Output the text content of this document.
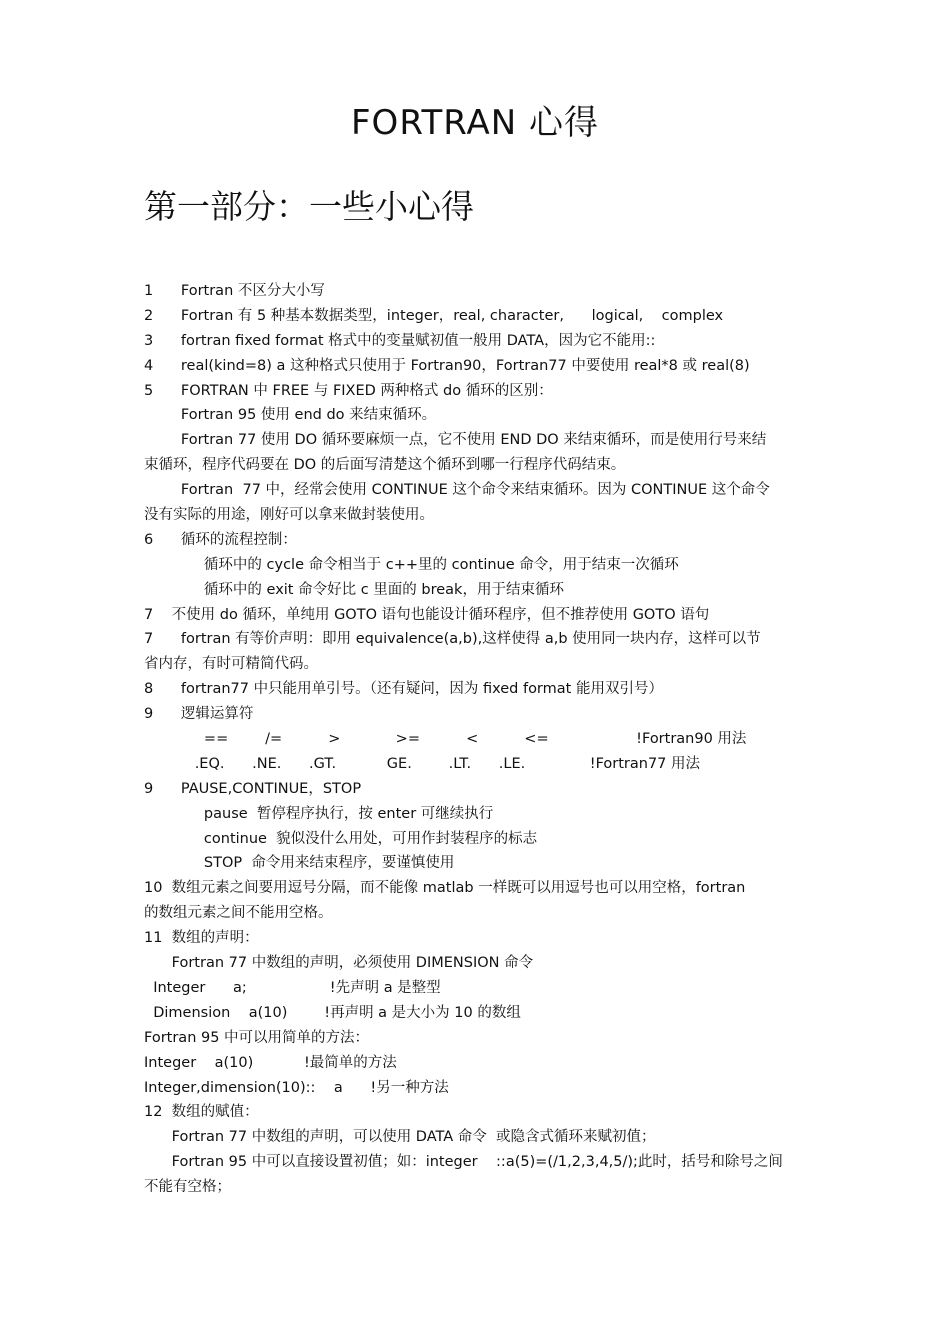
FORTRAN 心得
第一部分：一些小心得
1      Fortran 不区分大小写
2      Fortran 有 5 种基本数据类型，integer，real, character,      logical,    complex
3      fortran fixed format 格式中的变量赋初值一般用 DATA，因为它不能用::
4      real(kind=8) a 这种格式只使用于 Fortran90，Fortran77 中要使用 real*8 或 real(8)
5      FORTRAN 中 FREE 与 FIXED 两种格式 do 循环的区别：
Fortran 95 使用 end do 来结束循环。
Fortran 77 使用 DO 循环要麻烦一点，它不使用 END DO 来结束循环，而是使用行号来结
束循环，程序代码要在 DO 的后面写清楚这个循环到哪一行程序代码结束。
Fortran  77 中，经常会使用 CONTINUE 这个命令来结束循环。因为 CONTINUE 这个命令
没有实际的用途，刚好可以拿来做封装使用。
6      循环的流程控制：
循环中的 cycle 命令相当于 c++里的 continue 命令，用于结束一次循环
循环中的 exit 命令好比 c 里面的 break，用于结束循环
7    不使用 do 循环，单纯用 GOTO 语句也能设计循环程序，但不推荐使用 GOTO 语句
7      fortran 有等价声明：即用 equivalence(a,b),这样使得 a,b 使用同一块内存，这样可以节
省内存，有时可精简代码。
8      fortran77 中只能用单引号。（还有疑问，因为 fixed format 能用双引号）
9      逻辑运算符
==        /=          >            >=          <          <=                   !Fortran90 用法
.EQ.      .NE.      .GT.           GE.        .LT.      .LE.              !Fortran77 用法
9      PAUSE,CONTINUE，STOP
pause  暂停程序执行，按 enter 可继续执行
continue  貌似没什么用处，可用作封装程序的标志
STOP  命令用来结束程序，要谨慎使用
10  数组元素之间要用逗号分隔，而不能像 matlab 一样既可以用逗号也可以用空格，fortran
的数组元素之间不能用空格。
11  数组的声明：
Fortran 77 中数组的声明，必须使用 DIMENSION 命令
Integer      a;                  !先声明 a 是整型
Dimension    a(10)        !再声明 a 是大小为 10 的数组
Fortran 95 中可以用简单的方法：
Integer    a(10)           !最简单的方法
Integer,dimension(10)::    a      !另一种方法
12  数组的赋值：
Fortran 77 中数组的声明，可以使用 DATA 命令  或隐含式循环来赋初值；
Fortran 95 中可以直接设置初值；如：integer    ::a(5)=(/1,2,3,4,5/);此时，括号和除号之间
不能有空格；
